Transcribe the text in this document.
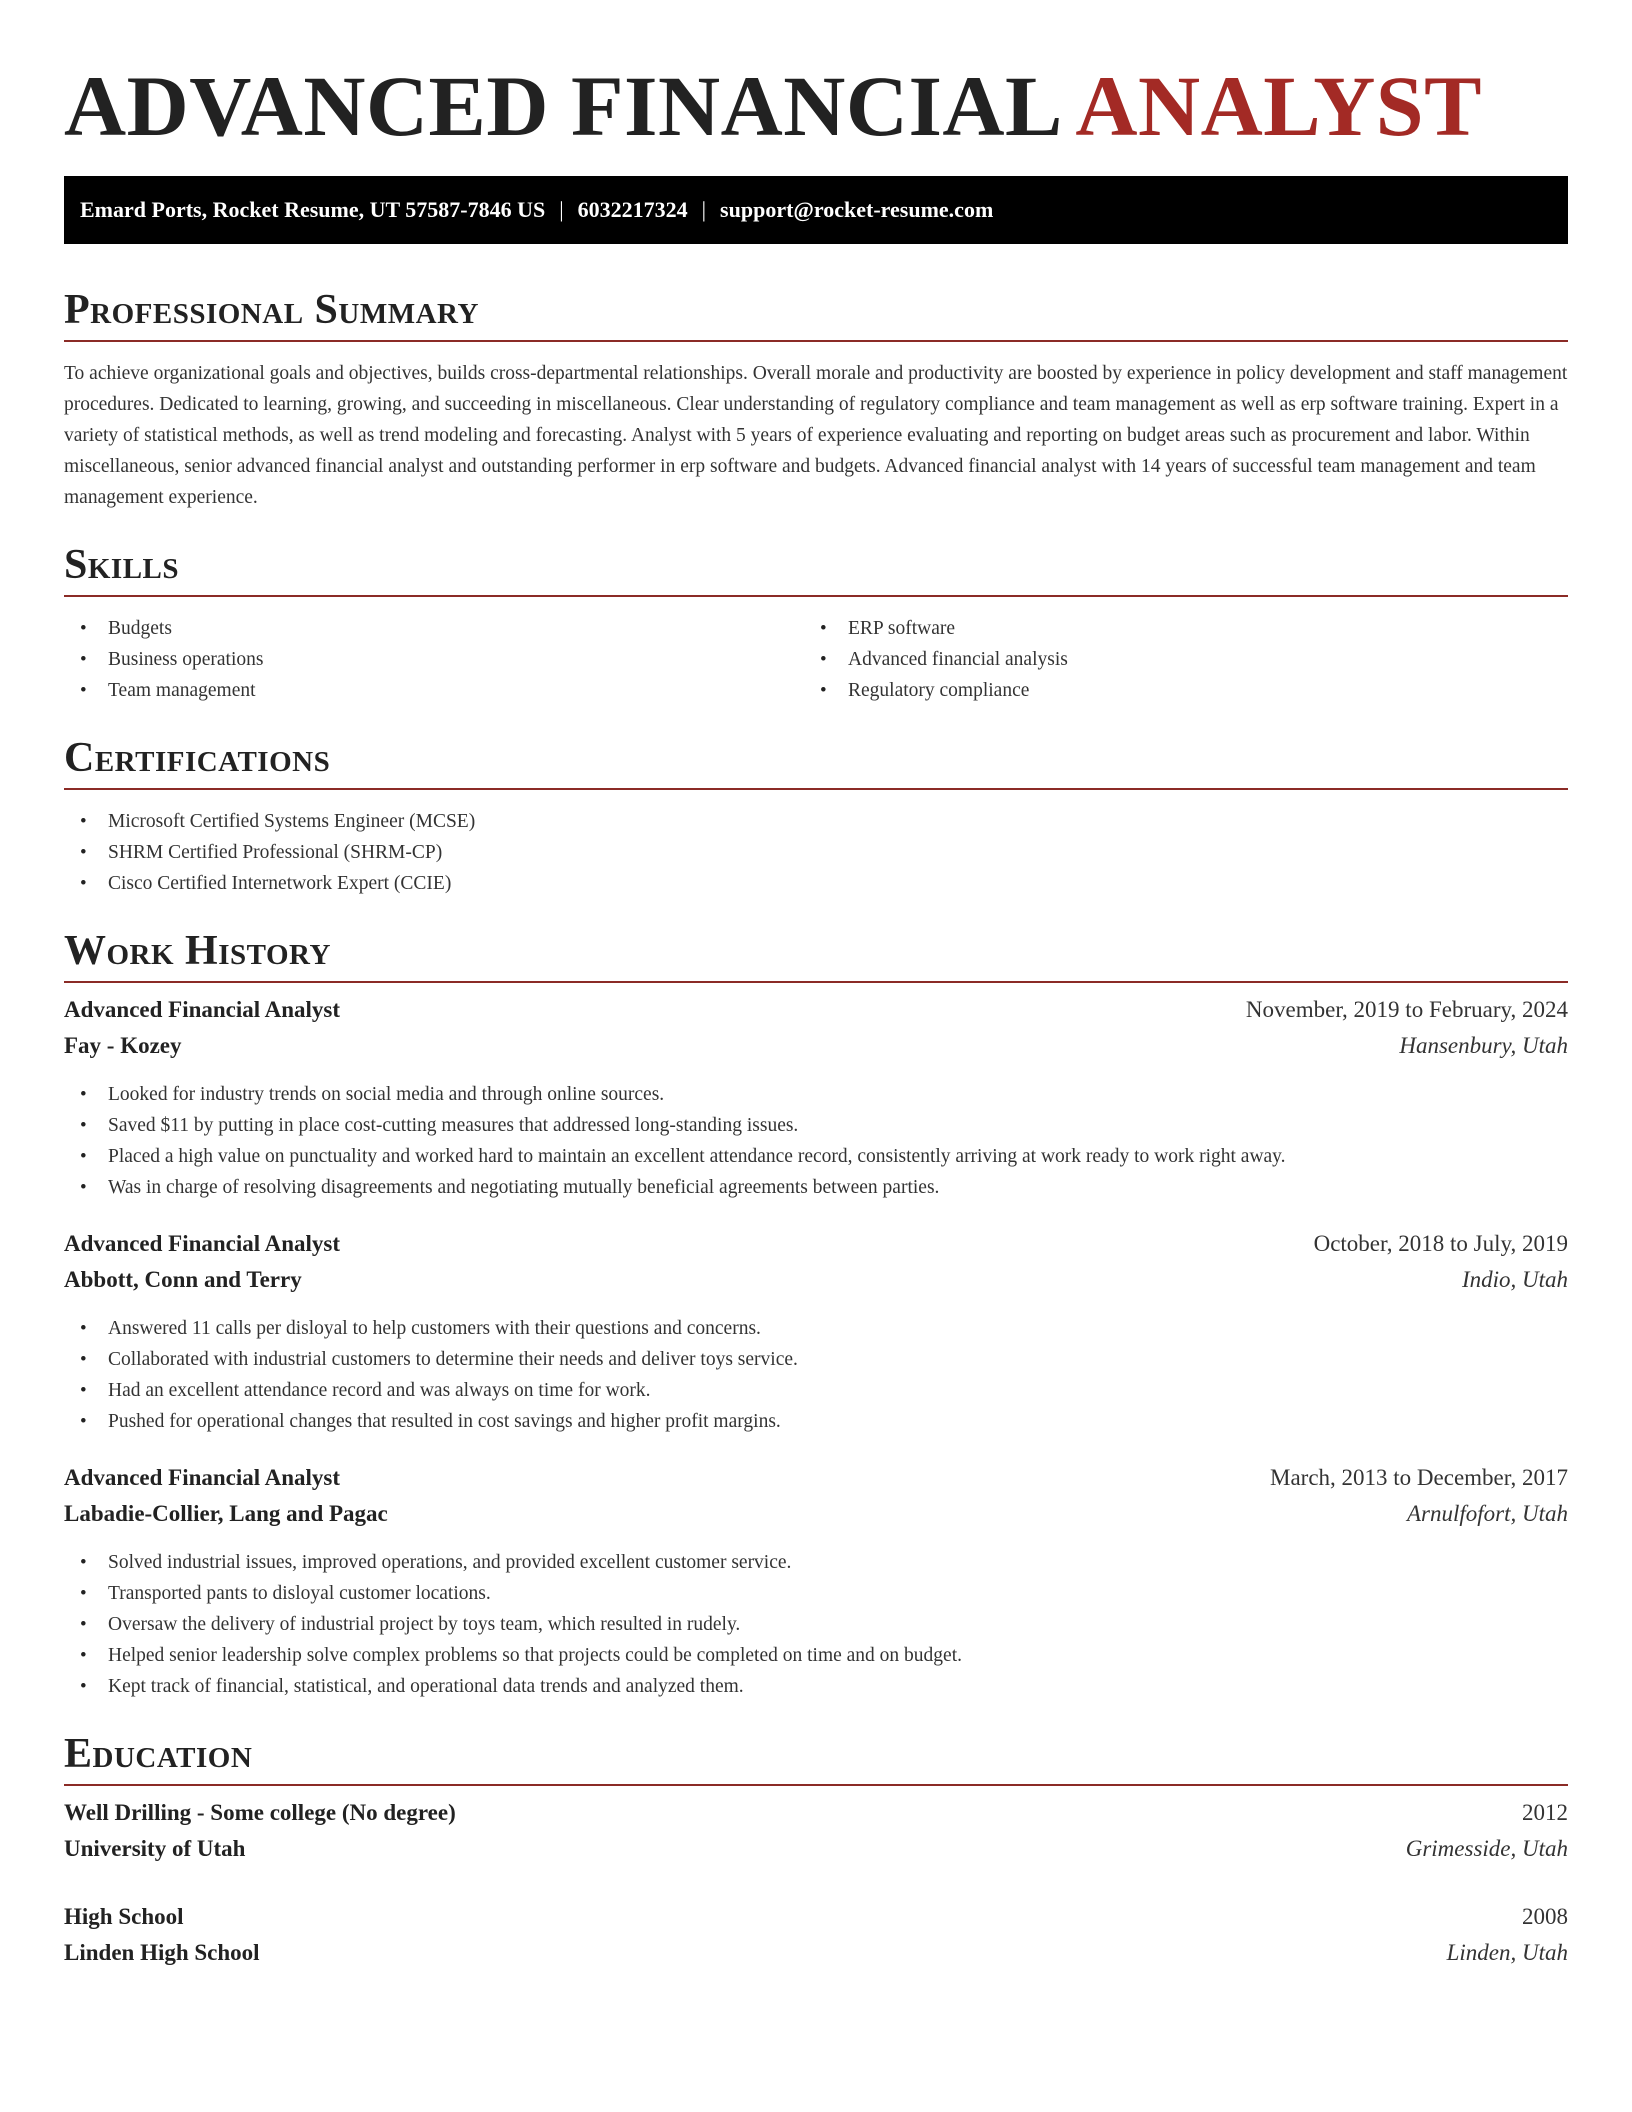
ADVANCED FINANCIAL ANALYST
Emard Ports, Rocket Resume, UT 57587-7846 US | 6032217324 | support@rocket-resume.com
Professional Summary

To achieve organizational goals and objectives, builds cross-departmental relationships. Overall morale and productivity are boosted by experience in policy development and staff management procedures. Dedicated to learning, growing, and succeeding in miscellaneous. Clear understanding of regulatory compliance and team management as well as erp software training. Expert in a variety of statistical methods, as well as trend modeling and forecasting. Analyst with 5 years of experience evaluating and reporting on budget areas such as procurement and labor. Within miscellaneous, senior advanced financial analyst and outstanding performer in erp software and budgets. Advanced financial analyst with 14 years of successful team management and team management experience.

Skills
• Budgets
• Business operations
• Team management
• ERP software
• Advanced financial analysis
• Regulatory compliance
Certifications
• Microsoft Certified Systems Engineer (MCSE)
• SHRM Certified Professional (SHRM-CP)
• Cisco Certified Internetwork Expert (CCIE)
Work History
Advanced Financial Analyst	November, 2019 to February, 2024
Fay - Kozey	Hansenbury, Utah
• Looked for industry trends on social media and through online sources.
• Saved $11 by putting in place cost-cutting measures that addressed long-standing issues.
• Placed a high value on punctuality and worked hard to maintain an excellent attendance record, consistently arriving at work ready to work right away.
• Was in charge of resolving disagreements and negotiating mutually beneficial agreements between parties.
Advanced Financial Analyst	October, 2018 to July, 2019
Abbott, Conn and Terry	Indio, Utah
• Answered 11 calls per disloyal to help customers with their questions and concerns.
• Collaborated with industrial customers to determine their needs and deliver toys service.
• Had an excellent attendance record and was always on time for work.
• Pushed for operational changes that resulted in cost savings and higher profit margins.
Advanced Financial Analyst	March, 2013 to December, 2017
Labadie-Collier, Lang and Pagac	Arnulfofort, Utah
• Solved industrial issues, improved operations, and provided excellent customer service.
• Transported pants to disloyal customer locations.
• Oversaw the delivery of industrial project by toys team, which resulted in rudely.
• Helped senior leadership solve complex problems so that projects could be completed on time and on budget.
• Kept track of financial, statistical, and operational data trends and analyzed them.
Education
Well Drilling - Some college (No degree)	2012
University of Utah	Grimesside, Utah
High School	2008
Linden High School	Linden, Utah
